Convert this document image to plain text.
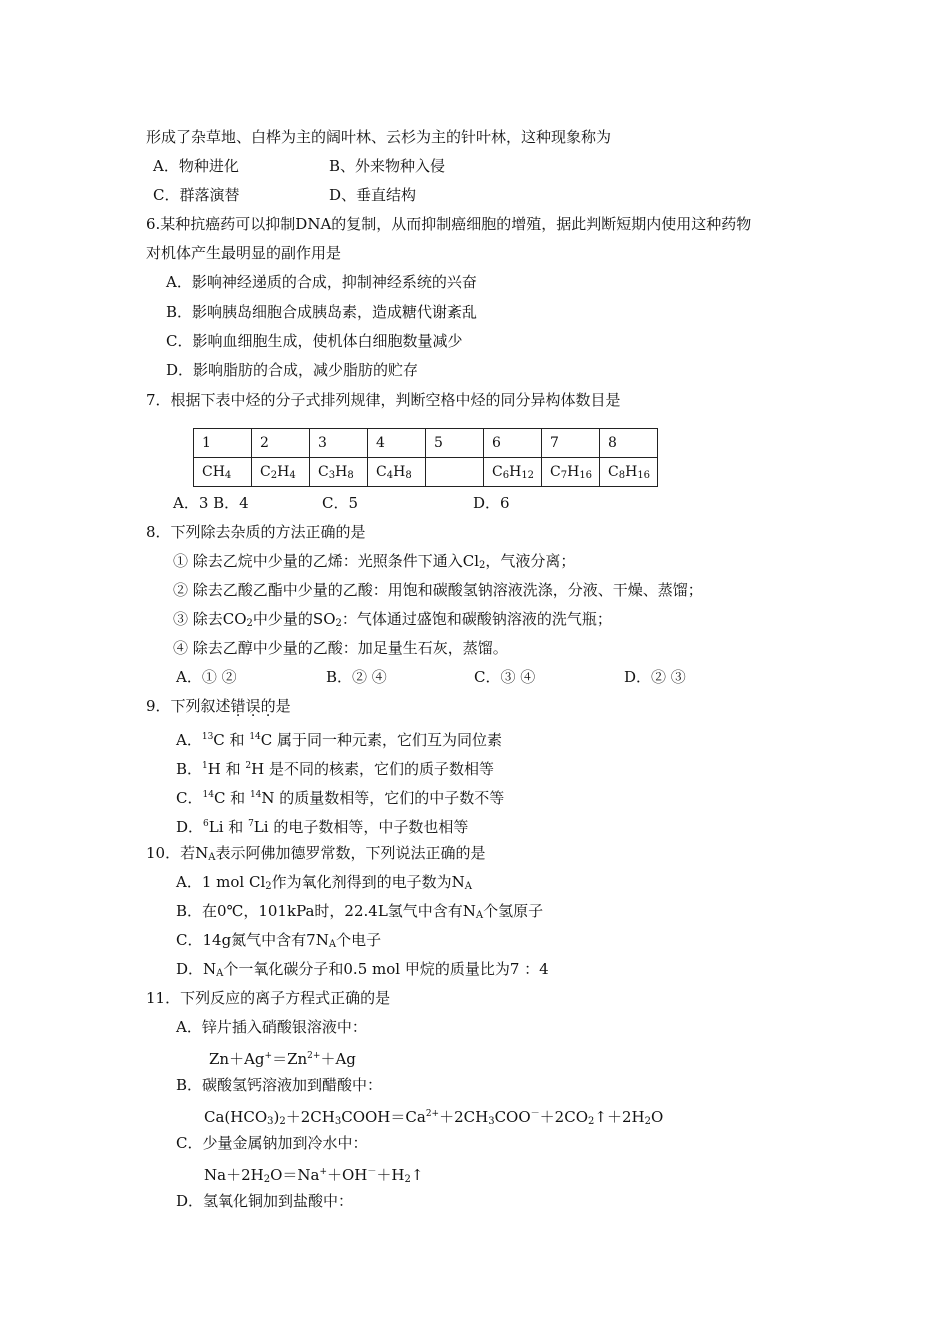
形成了杂草地、白桦为主的阔叶林、云杉为主的针叶林，这种现象称为
A．物种进化	B、外来物种入侵
C．群落演替	D、垂直结构
6.某种抗癌药可以抑制DNA的复制，从而抑制癌细胞的增殖，据此判断短期内使用这种药物
对机体产生最明显的副作用是
A．影响神经递质的合成，抑制神经系统的兴奋
B．影响胰岛细胞合成胰岛素，造成糖代谢紊乱
C．影响血细胞生成，使机体白细胞数量减少
D．影响脂肪的合成，减少脂肪的贮存
7．根据下表中烃的分子式排列规律，判断空格中烃的同分异构体数目是
1	2	3	4	5	6	7	8
$CH_4$	$C_2H_4$	$C_3H_8$	$C_4H_8$		$C_6H_{12}$	$C_7H_{16}$	$C_8H_{16}$
A．3 B．4	C．5	D．6
8．下列除去杂质的方法正确的是
① 除去乙烷中少量的乙烯：光照条件下通入$Cl_2$，气液分离；
② 除去乙酸乙酯中少量的乙酸：用饱和碳酸氢钠溶液洗涤，分液、干燥、蒸馏；
③ 除去$CO_2$中少量的$SO_2$：气体通过盛饱和碳酸钠溶液的洗气瓶；
④ 除去乙醇中少量的乙酸：加足量生石灰，蒸馏。
A．① ②	B．② ④	C．③ ④	D．② ③
9．下列叙述错误的是
A．$^{13}$C 和 $^{14}$C 属于同一种元素，它们互为同位素
B．$^1$H 和 $^2$H 是不同的核素，它们的质子数相等
C．$^{14}$C 和 $^{14}$N 的质量数相等，它们的中子数不等
D．$^6$Li 和 $^7$Li 的电子数相等，中子数也相等
10．若$N_A$表示阿佛加德罗常数，下列说法正确的是
A．1 mol $Cl_2$作为氧化剂得到的电子数为$N_A$
B．在0℃，101kPa时，22.4L氢气中含有$N_A$个氢原子
C．14g氮气中含有$7N_A$个电子
D．$N_A$个一氧化碳分子和0.5 mol 甲烷的质量比为7 ：4
11．下列反应的离子方程式正确的是
A．锌片插入硝酸银溶液中：
$Zn+Ag^+=Zn^{2+}+Ag$
B．碳酸氢钙溶液加到醋酸中：
$Ca(HCO_3)_2+2CH_3COOH=Ca^{2+}+2CH_3COO^-+2CO_2↑+2H_2O$
C．少量金属钠加到冷水中：
$Na+2H_2O=Na^++OH^-+H_2↑$
D．氢氧化铜加到盐酸中：
